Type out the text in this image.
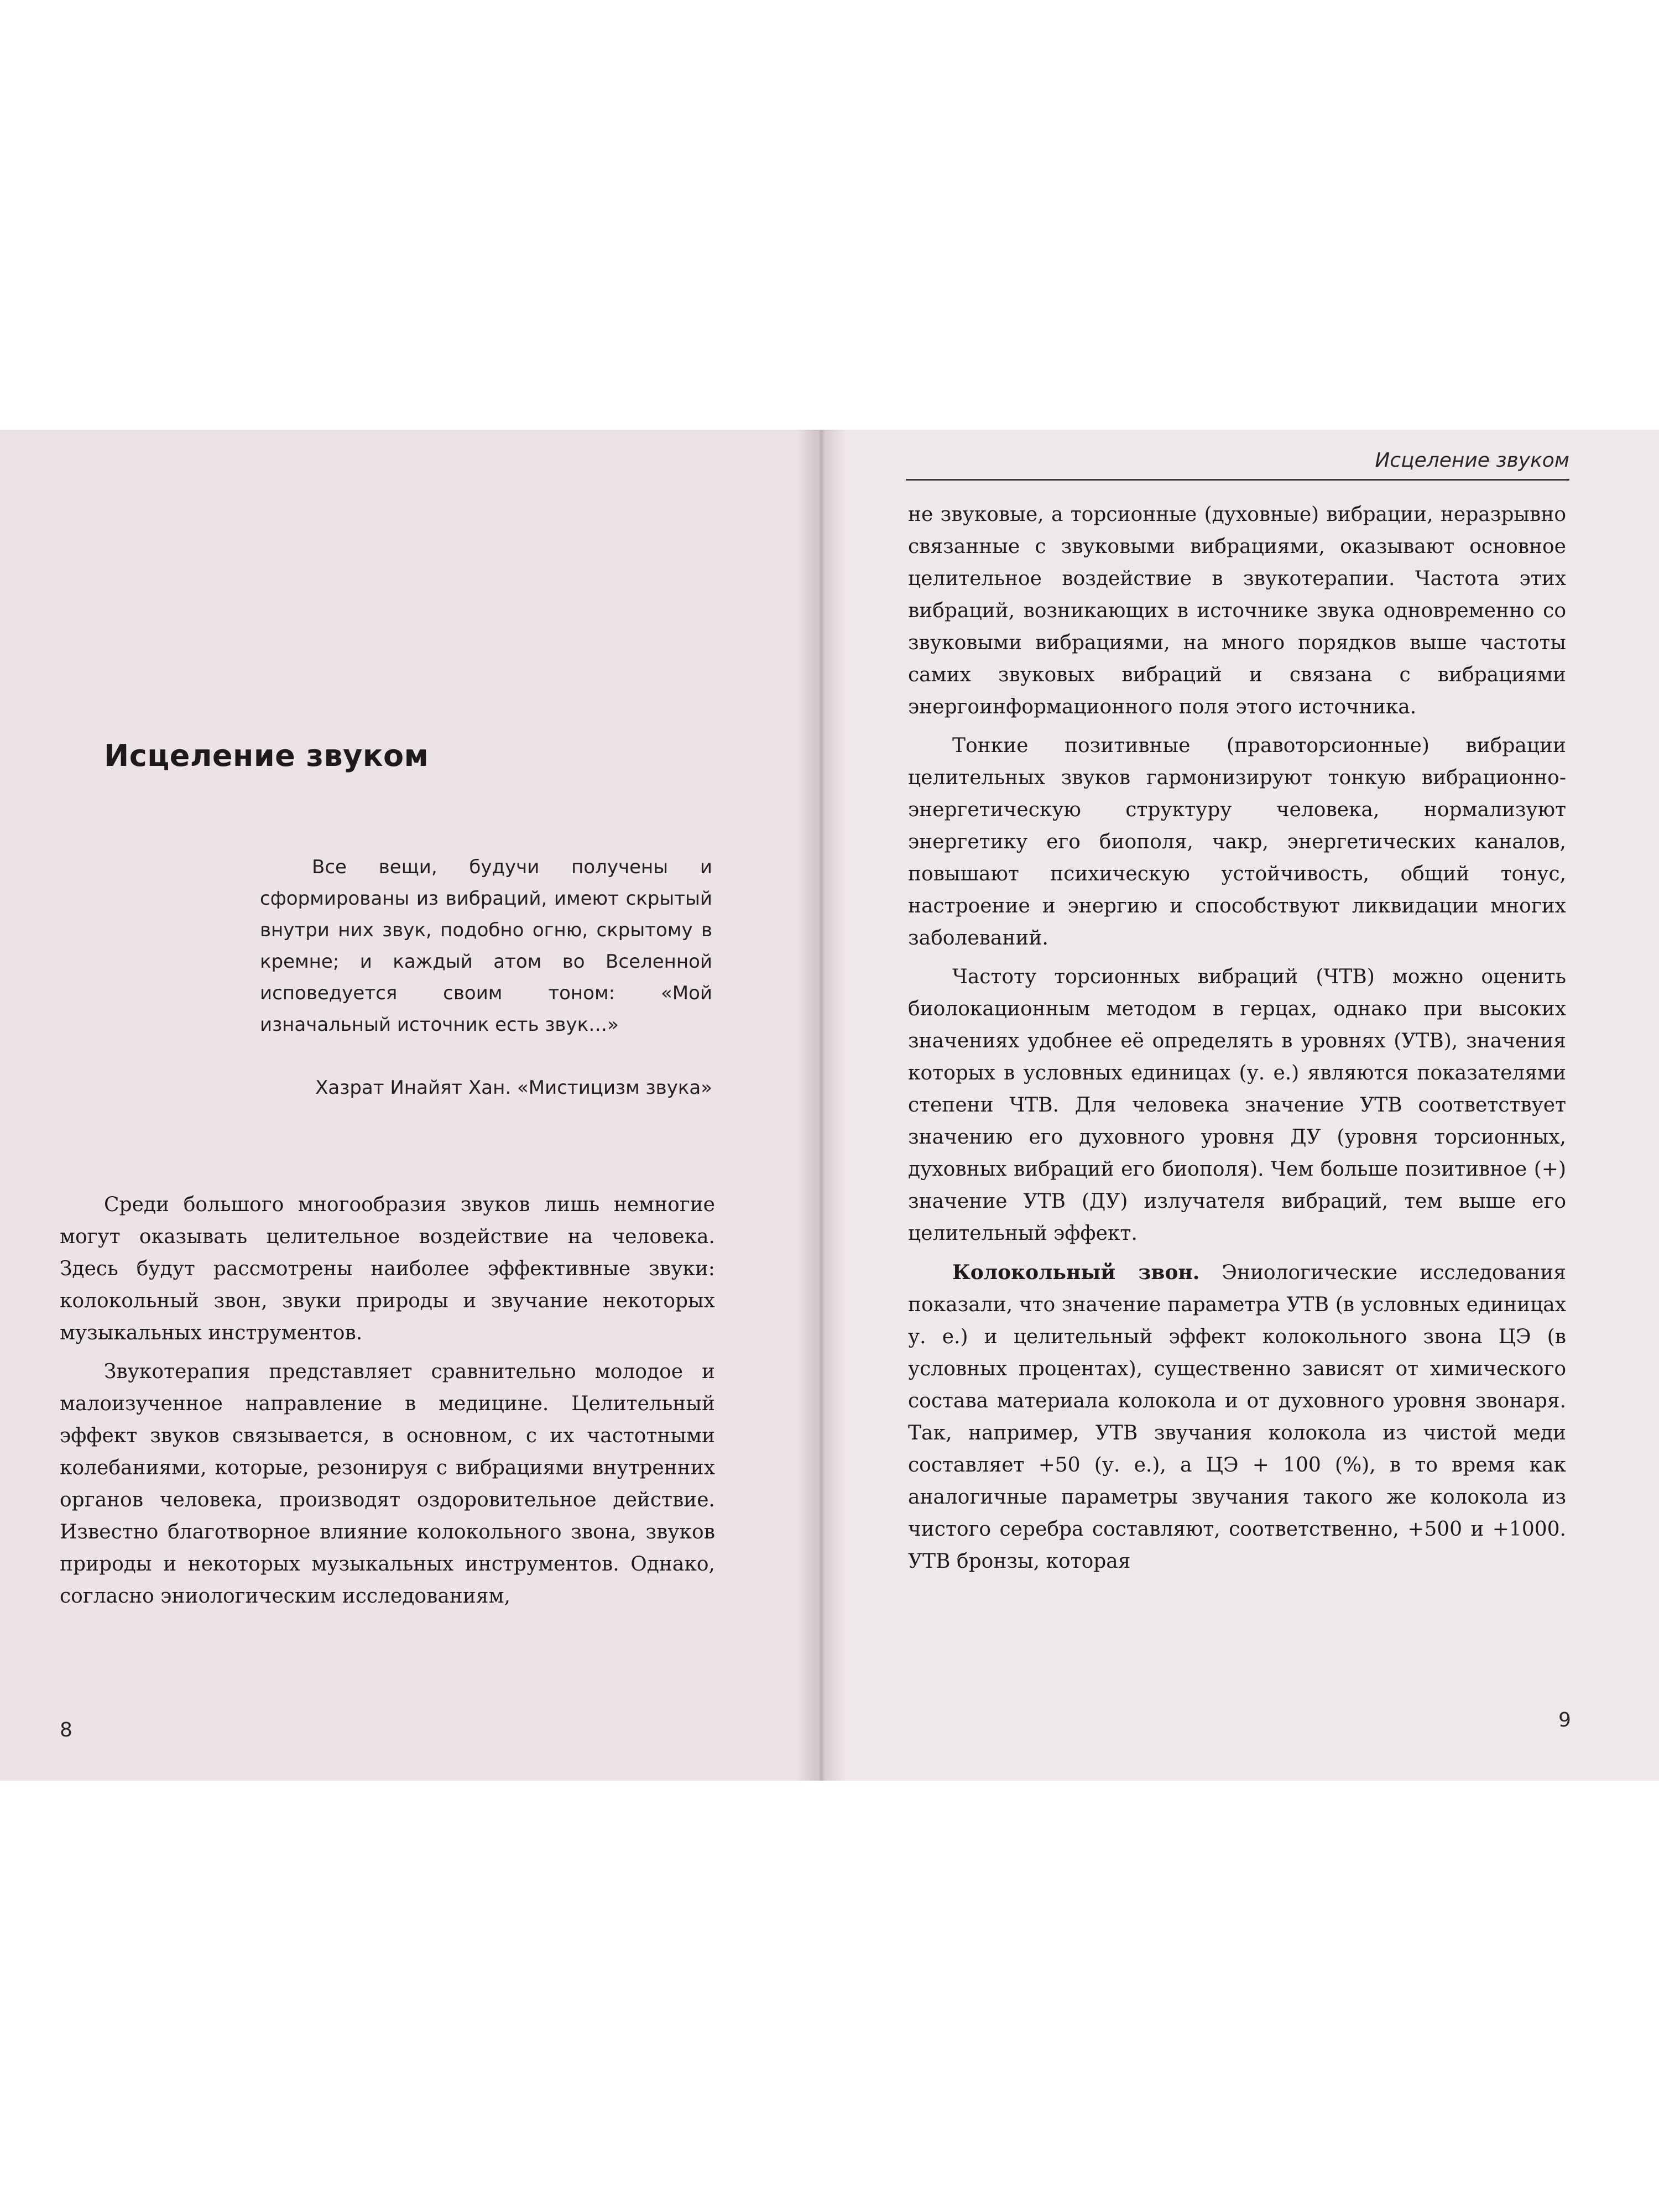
Исцеление звуком

Все вещи, будучи получены и сформированы из вибраций, имеют скрытый внутри них звук, подобно огню, скрытому в кремне; и каждый атом во Вселенной исповедуется своим тоном: «Мой изначальный источник есть звук…»

Хазрат Инайят Хан. «Мистицизм звука»

Среди большого многообразия звуков лишь немногие могут оказывать целительное воздействие на человека. Здесь будут рассмотрены наиболее эффективные звуки: колокольный звон, звуки природы и звучание некоторых музыкальных инструментов.

Звукотерапия представляет сравнительно молодое и малоизученное направление в медицине. Целительный эффект звуков связывается, в основном, с их частотными колебаниями, которые, резонируя с вибрациями внутренних органов человека, производят оздоровительное действие. Известно благотворное влияние колокольного звона, звуков природы и некоторых музыкальных инструментов. Однако, согласно эниологическим исследованиям,

8
Исцеление звуком

не звуковые, а торсионные (духовные) вибрации, неразрывно связанные с звуковыми вибрациями, оказывают основное целительное воздействие в звукотерапии. Частота этих вибраций, возникающих в источнике звука одновременно со звуковыми вибрациями, на много порядков выше частоты самих звуковых вибраций и связана с вибрациями энергоинформационного поля этого источника.

Тонкие позитивные (правоторсионные) вибрации целительных звуков гармонизируют тонкую вибрационно-энергетическую структуру человека, нормализуют энергетику его биополя, чакр, энергетических каналов, повышают психическую устойчивость, общий тонус, настроение и энергию и способствуют ликвидации многих заболеваний.

Частоту торсионных вибраций (ЧТВ) можно оценить биолокационным методом в герцах, однако при высоких значениях удобнее её определять в уровнях (УТВ), значения которых в условных единицах (у. е.) являются показателями степени ЧТВ. Для человека значение УТВ соответствует значению его духовного уровня ДУ (уровня торсионных, духовных вибраций его биополя). Чем больше позитивное (+) значение УТВ (ДУ) излучателя вибраций, тем выше его целительный эффект.

Колокольный звон. Эниологические исследования показали, что значение параметра УТВ (в условных единицах у. е.) и целительный эффект колокольного звона ЦЭ (в условных процентах), существенно зависят от химического состава материала колокола и от духовного уровня звонаря. Так, например, УТВ звучания колокола из чистой меди составляет +50 (у. е.), а ЦЭ + 100 (%), в то время как аналогичные параметры звучания такого же колокола из чистого серебра составляют, соответственно, +500 и +1000. УТВ бронзы, которая

9
